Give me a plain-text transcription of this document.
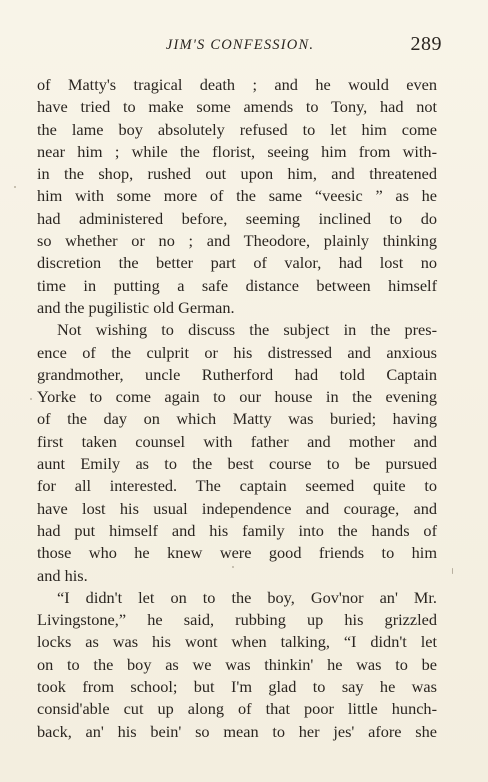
JIM'S CONFESSION.	289
of Matty's tragical death ; and he would even
have tried to make some amends to Tony, had not
the lame boy absolutely refused to let him come
near him ; while the florist, seeing him from with-
in the shop, rushed out upon him, and threatened
him with some more of the same “veesic ” as he
had administered before, seeming inclined to do
so whether or no ; and Theodore, plainly thinking
discretion the better part of valor, had lost no
time in putting a safe distance between himself
and the pugilistic old German.
Not wishing to discuss the subject in the pres-
ence of the culprit or his distressed and anxious
grandmother, uncle Rutherford had told Captain
Yorke to come again to our house in the evening
of the day on which Matty was buried; having
first taken counsel with father and mother and
aunt Emily as to the best course to be pursued
for all interested. The captain seemed quite to
have lost his usual independence and courage, and
had put himself and his family into the hands of
those who he knew were good friends to him
and his.
“I didn't let on to the boy, Gov'nor an' Mr.
Livingstone,” he said, rubbing up his grizzled
locks as was his wont when talking, “I didn't let
on to the boy as we was thinkin' he was to be
took from school; but I'm glad to say he was
consid'able cut up along of that poor little hunch-
back, an' his bein' so mean to her jes' afore she
